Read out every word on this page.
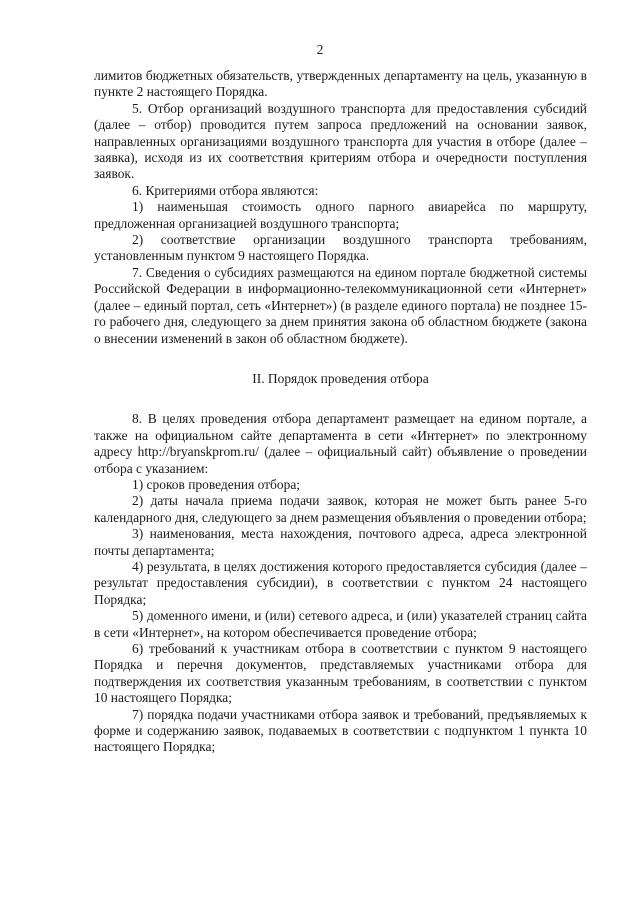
2

лимитов бюджетных обязательств, утвержденных департаменту на цель, указанную в пункте 2 настоящего Порядка.

5. Отбор организаций воздушного транспорта для предоставления субсидий (далее – отбор) проводится путем запроса предложений на основании заявок, направленных организациями воздушного транспорта для участия в отборе (далее – заявка), исходя из их соответствия критериям отбора и очередности поступления заявок.

6. Критериями отбора являются:

1) наименьшая стоимость одного парного авиарейса по маршруту, предложенная организацией воздушного транспорта;

2) соответствие организации воздушного транспорта требованиям, установленным пунктом 9 настоящего Порядка.

7. Сведения о субсидиях размещаются на едином портале бюджетной системы Российской Федерации в информационно-телекоммуникационной сети «Интернет» (далее – единый портал, сеть «Интернет») (в разделе единого портала) не позднее 15-го рабочего дня, следующего за днем принятия закона об областном бюджете (закона о внесении изменений в закон об областном бюджете).

II. Порядок проведения отбора

8. В целях проведения отбора департамент размещает на едином портале, а также на официальном сайте департамента в сети «Интернет» по электронному адресу http://bryanskprom.ru/ (далее – официальный сайт) объявление о проведении отбора с указанием:

1) сроков проведения отбора;

2) даты начала приема подачи заявок, которая не может быть ранее 5-го календарного дня, следующего за днем размещения объявления о проведении отбора;

3) наименования, места нахождения, почтового адреса, адреса электронной почты департамента;

4) результата, в целях достижения которого предоставляется субсидия (далее – результат предоставления субсидии), в соответствии с пунктом 24 настоящего Порядка;

5) доменного имени, и (или) сетевого адреса, и (или) указателей страниц сайта в сети «Интернет», на котором обеспечивается проведение отбора;

6) требований к участникам отбора в соответствии с пунктом 9 настоящего Порядка и перечня документов, представляемых участниками отбора для подтверждения их соответствия указанным требованиям, в соответствии с пунктом 10 настоящего Порядка;

7) порядка подачи участниками отбора заявок и требований, предъявляемых к форме и содержанию заявок, подаваемых в соответствии с подпунктом 1 пункта 10 настоящего Порядка;
